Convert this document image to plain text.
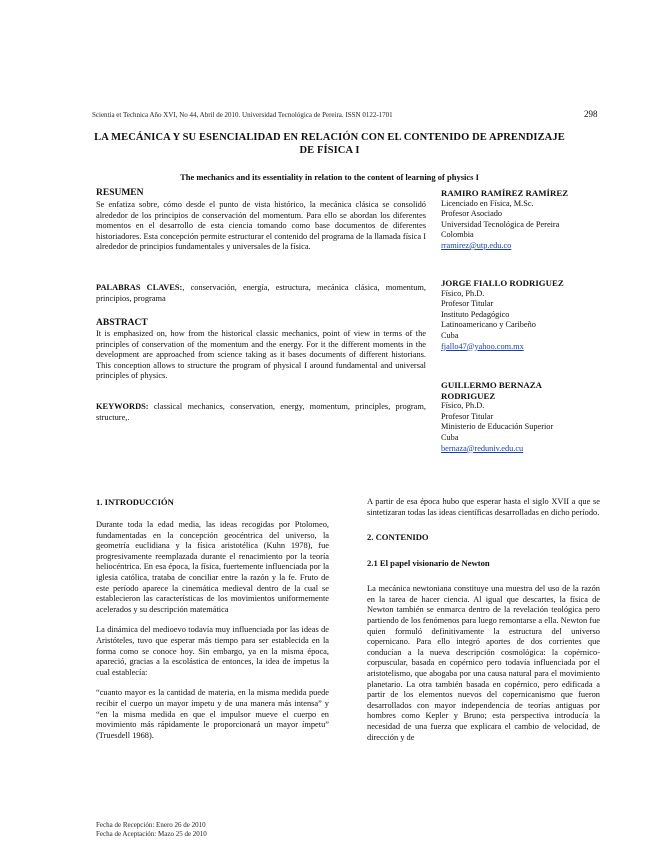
Scientia et Technica Año XVI, No 44, Abril de 2010. Universidad Tecnológica de Pereira. ISSN 0122-1701	298
LA MECÁNICA Y SU ESENCIALIDAD EN RELACIÓN CON EL CONTENIDO DE APRENDIZAJE DE FÍSICA I
The mechanics and its essentiality in relation to the content of learning of physics I
RESUMEN
Se enfatiza sobre, cómo desde el punto de vista histórico, la mecánica clásica se consolidó alrededor de los principios de conservación del momentum. Para ello se abordan los diferentes momentos en el desarrollo de esta ciencia tomando como base documentos de diferentes historiadores. Esta concepción permite estructurar el contenido del programa de la llamada física I alrededor de principios fundamentales y universales de la física.
PALABRAS CLAVES:, conservación, energía, estructura, mecánica clásica, momentum, principios, programa
ABSTRACT
It is emphasized on, how from the historical classic mechanics, point of view in terms of the principles of conservation of the momentum and the energy. For it the different moments in the development are approached from science taking as it bases documents of different historians. This conception allows to structure the program of physical I around fundamental and universal principles of physics.
KEYWORDS: classical mechanics, conservation, energy, momentum, principles, program, structure,.
RAMIRO RAMÍREZ RAMÍREZ
Licenciado en Física, M.Sc.
Profesor Asociado
Universidad Tecnológica de Pereira
Colombia
rramirez@utp.edu.co
JORGE FIALLO RODRIGUEZ
Físico, Ph.D.
Profesor Titular
Instituto Pedagógico
Latinoamericano y Caribeño
Cuba
fjallo47@yahoo.com.mx
GUILLERMO BERNAZA RODRIGUEZ
Físico, Ph.D.
Profesor Titular
Ministerio de Educación Superior
Cuba
bernaza@reduniv.edu.cu
1. INTRODUCCIÓN
Durante toda la edad media, las ideas recogidas por Ptolomeo, fundamentadas en la concepción geocéntrica del universo, la geometría euclidiana y la física aristotélica (Kuhn 1978), fue progresivamente reemplazada durante el renacimiento por la teoría heliocéntrica. En esa época, la física, fuertemente influenciada por la iglesia católica, trataba de conciliar entre la razón y la fe. Fruto de este período aparece la cinemática medieval dentro de la cual se establecieron las características de los movimientos uniformemente acelerados y su descripción matemática
La dinámica del medioevo todavía muy influenciada por las ideas de Aristóteles, tuvo que esperar más tiempo para ser establecida en la forma como se conoce hoy. Sin embargo, ya en la misma época, apareció, gracias a la escolástica de entonces, la idea de ímpetus la cual establecía:
“cuanto mayor es la cantidad de materia, en la misma medida puede recibir el cuerpo un mayor ímpetu y de una manera más intensa” y “en la misma medida en que el impulsor mueve el cuerpo en movimiento más rápidamente le proporcionará un mayor ímpetu” (Truesdell 1968).
A partir de esa época hubo que esperar hasta el siglo XVII a que se sintetizaran todas las ideas científicas desarrolladas en dicho período.
2. CONTENIDO
2.1 El papel visionario de Newton
La mecánica newtoniana constituye una muestra del uso de la razón en la tarea de hacer ciencia. Al igual que descartes, la física de Newton también se enmarca dentro de la revelación teológica pero partiendo de los fenómenos para luego remontarse a ella. Newton fue quien formuló definitivamente la estructura del universo copernicano. Para ello integró aportes de dos corrientes que conducían a la nueva descripción cosmológica: la copérnico-corpuscular, basada en copérnico pero todavía influenciada por el aristotelismo, que abogaba por una causa natural para el movimiento planetario. La otra también basada en copérnico, pero edificada a partir de los elementos nuevos del copernicanismo que fueron desarrollados con mayor independencia de teorías antiguas por hombres como Kepler y Bruno; esta perspectiva introducía la necesidad de una fuerza que explicara el cambio de velocidad, de dirección y de
Fecha de Recepción: Enero 26 de 2010
Fecha de Aceptación: Mazo 25 de 2010
